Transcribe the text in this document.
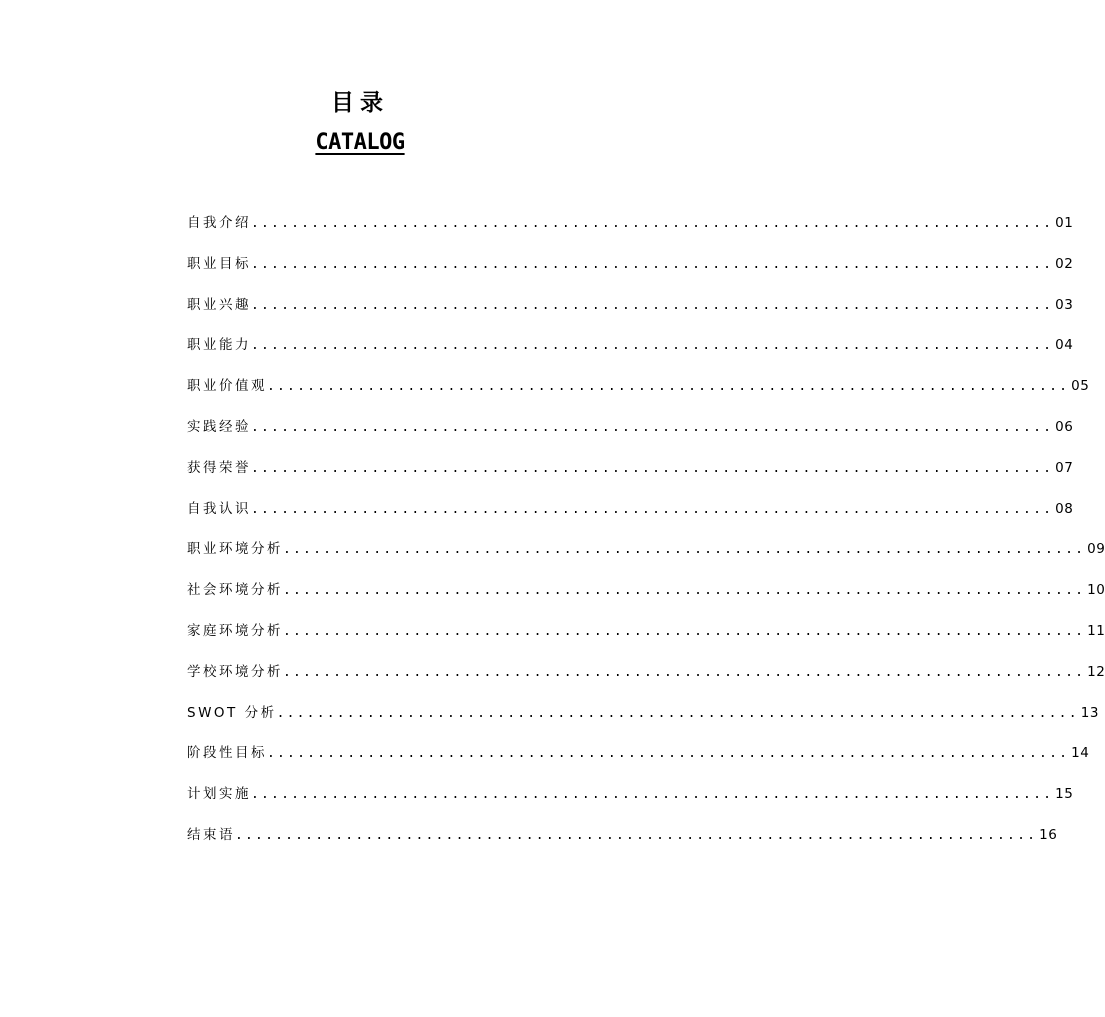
目录
CATALOG
自我介绍 ................................................................................ 01
职业目标 ................................................................................ 02
职业兴趣 ................................................................................ 03
职业能力 ................................................................................ 04
职业价值观 ................................................................................ 05
实践经验 ................................................................................ 06
获得荣誉 ................................................................................ 07
自我认识 ................................................................................ 08
职业环境分析 ................................................................................ 09
社会环境分析 ................................................................................ 10
家庭环境分析 ................................................................................ 11
学校环境分析 ................................................................................ 12
SWOT 分析 ................................................................................ 13
阶段性目标 ................................................................................ 14
计划实施 ................................................................................ 15
结束语 ................................................................................ 16
